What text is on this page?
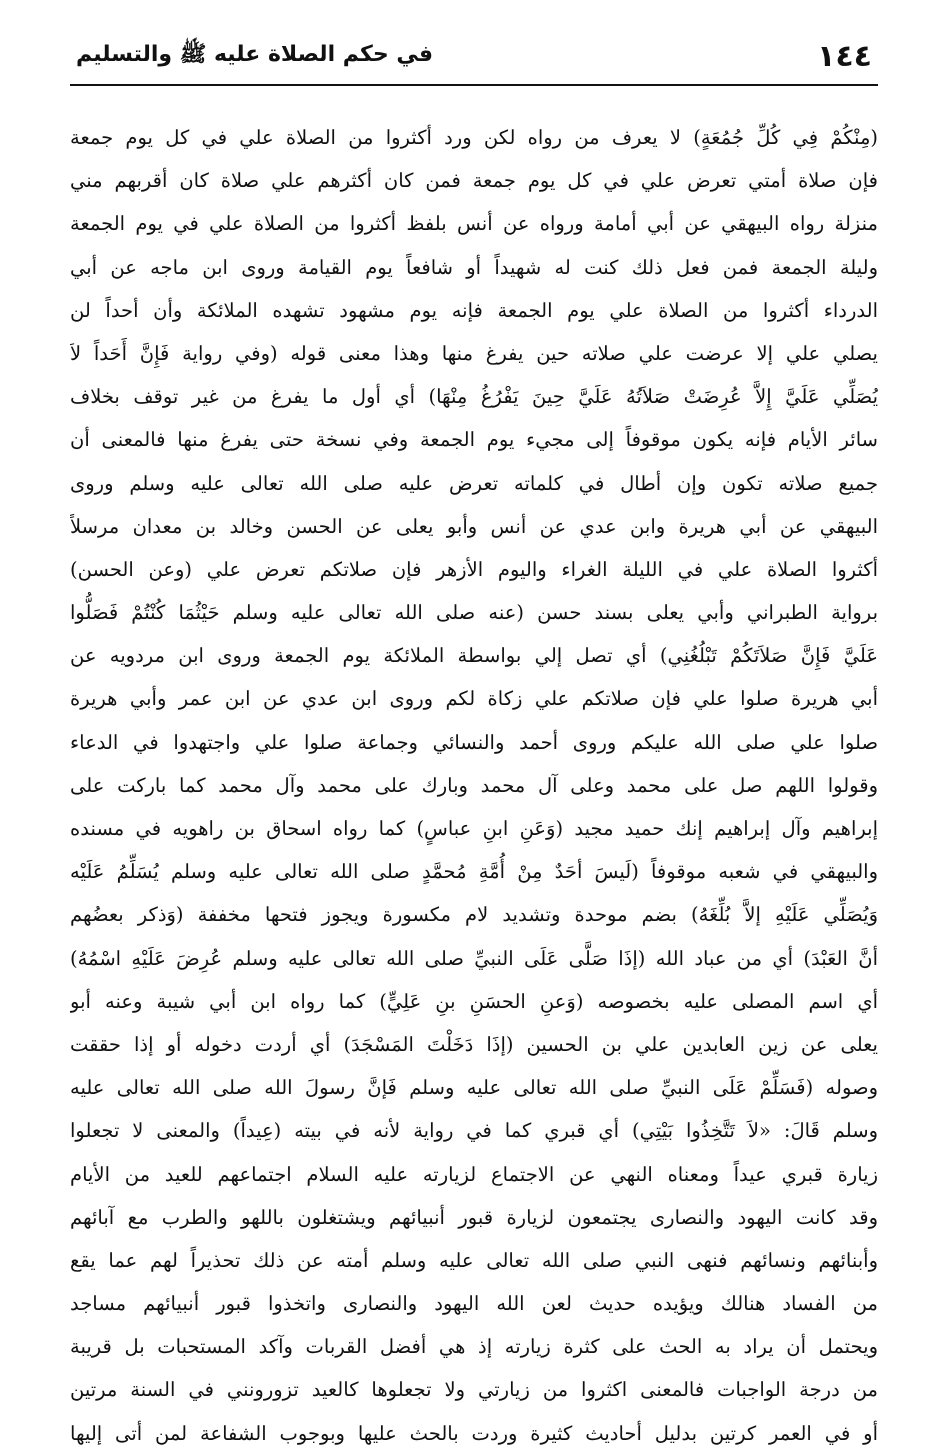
١٤٤
في حكم الصلاة عليه ﷺ والتسليم
(مِنْكُمْ فِي كُلِّ جُمُعَةٍ) لا يعرف من رواه لكن ورد أكثروا من الصلاة علي في كل يوم جمعة
فإن صلاة أمتي تعرض علي في كل يوم جمعة فمن كان أكثرهم علي صلاة كان أقربهم مني
منزلة رواه البيهقي عن أبي أمامة ورواه عن أنس بلفظ أكثروا من الصلاة علي في يوم الجمعة
وليلة الجمعة فمن فعل ذلك كنت له شهيداً أو شافعاً يوم القيامة وروى ابن ماجه عن أبي
الدرداء أكثروا من الصلاة علي يوم الجمعة فإنه يوم مشهود تشهده الملائكة وأن أحداً لن
يصلي علي إلا عرضت علي صلاته حين يفرغ منها وهذا معنى قوله (وفي رواية فَإِنَّ أَحَداً لاَ
يُصَلِّي عَلَيَّ إِلاَّ عُرِضَتْ صَلاَتُهُ عَلَيَّ حِينَ يَفْرُغُ مِنْهَا) أي أول ما يفرغ من غير توقف بخلاف
سائر الأيام فإنه يكون موقوفاً إلى مجيء يوم الجمعة وفي نسخة حتى يفرغ منها فالمعنى أن
جميع صلاته تكون وإن أطال في كلماته تعرض عليه صلى الله تعالى عليه وسلم وروى
البيهقي عن أبي هريرة وابن عدي عن أنس وأبو يعلى عن الحسن وخالد بن معدان مرسلاً
أكثروا الصلاة علي في الليلة الغراء واليوم الأزهر فإن صلاتكم تعرض علي (وعن الحسن)
برواية الطبراني وأبي يعلى بسند حسن (عنه صلى الله تعالى عليه وسلم حَيْثُمَا كُنْتُمْ فَصَلُّوا
عَلَيَّ فَإِنَّ صَلاَتَكُمْ تَبْلُغُنِي) أي تصل إلي بواسطة الملائكة يوم الجمعة وروى ابن مردويه عن
أبي هريرة صلوا علي فإن صلاتكم علي زكاة لكم وروى ابن عدي عن ابن عمر وأبي هريرة
صلوا علي صلى الله عليكم وروى أحمد والنسائي وجماعة صلوا علي واجتهدوا في الدعاء
وقولوا اللهم صل على محمد وعلى آل محمد وبارك على محمد وآل محمد كما باركت على
إبراهيم وآل إبراهيم إنك حميد مجيد (وَعَنِ ابنِ عباسٍ) كما رواه اسحاق بن راهويه في مسنده
والبيهقي في شعبه موقوفاً (لَيسَ أحَدٌ مِنْ أُمَّةِ مُحمَّدٍ صلى الله تعالى عليه وسلم يُسَلِّمُ عَلَيْه
وَيُصَلِّي عَلَيْهِ إلاَّ بُلِّغَهُ) بضم موحدة وتشديد لام مكسورة ويجوز فتحها مخففة (وَذكر بعضُهم
أنَّ العَبْدَ) أي من عباد الله (إذَا صَلَّى عَلَى النبيِّ صلى الله تعالى عليه وسلم عُرِضَ عَلَيْهِ اسْمُهُ)
أي اسم المصلى عليه بخصوصه (وَعنِ الحسَنِ بنِ عَلِيٍّ) كما رواه ابن أبي شيبة وعنه أبو
يعلى عن زين العابدين علي بن الحسين (إذَا دَخَلْتَ المَسْجَدَ) أي أردت دخوله أو إذا حققت
وصوله (فَسَلِّمْ عَلَى النبيِّ صلى الله تعالى عليه وسلم فَإنَّ رسولَ الله صلى الله تعالى عليه
وسلم قَالَ: «لاَ تَتَّخِذُوا بَيْتِي) أي قبري كما في رواية لأنه في بيته (عِيداً) والمعنى لا تجعلوا
زيارة قبري عيداً ومعناه النهي عن الاجتماع لزيارته عليه السلام اجتماعهم للعيد من الأيام
وقد كانت اليهود والنصارى يجتمعون لزيارة قبور أنبيائهم ويشتغلون باللهو والطرب مع آبائهم
وأبنائهم ونسائهم فنهى النبي صلى الله تعالى عليه وسلم أمته عن ذلك تحذيراً لهم عما يقع
من الفساد هنالك ويؤيده حديث لعن الله اليهود والنصارى واتخذوا قبور أنبيائهم مساجد
ويحتمل أن يراد به الحث على كثرة زيارته إذ هي أفضل القربات وآكد المستحبات بل قريبة
من درجة الواجبات فالمعنى اكثروا من زيارتي ولا تجعلوها كالعيد تزورونني في السنة مرتين
أو في العمر كرتين بدليل أحاديث كثيرة وردت بالحث عليها وبوجوب الشفاعة لمن أتى إليها
